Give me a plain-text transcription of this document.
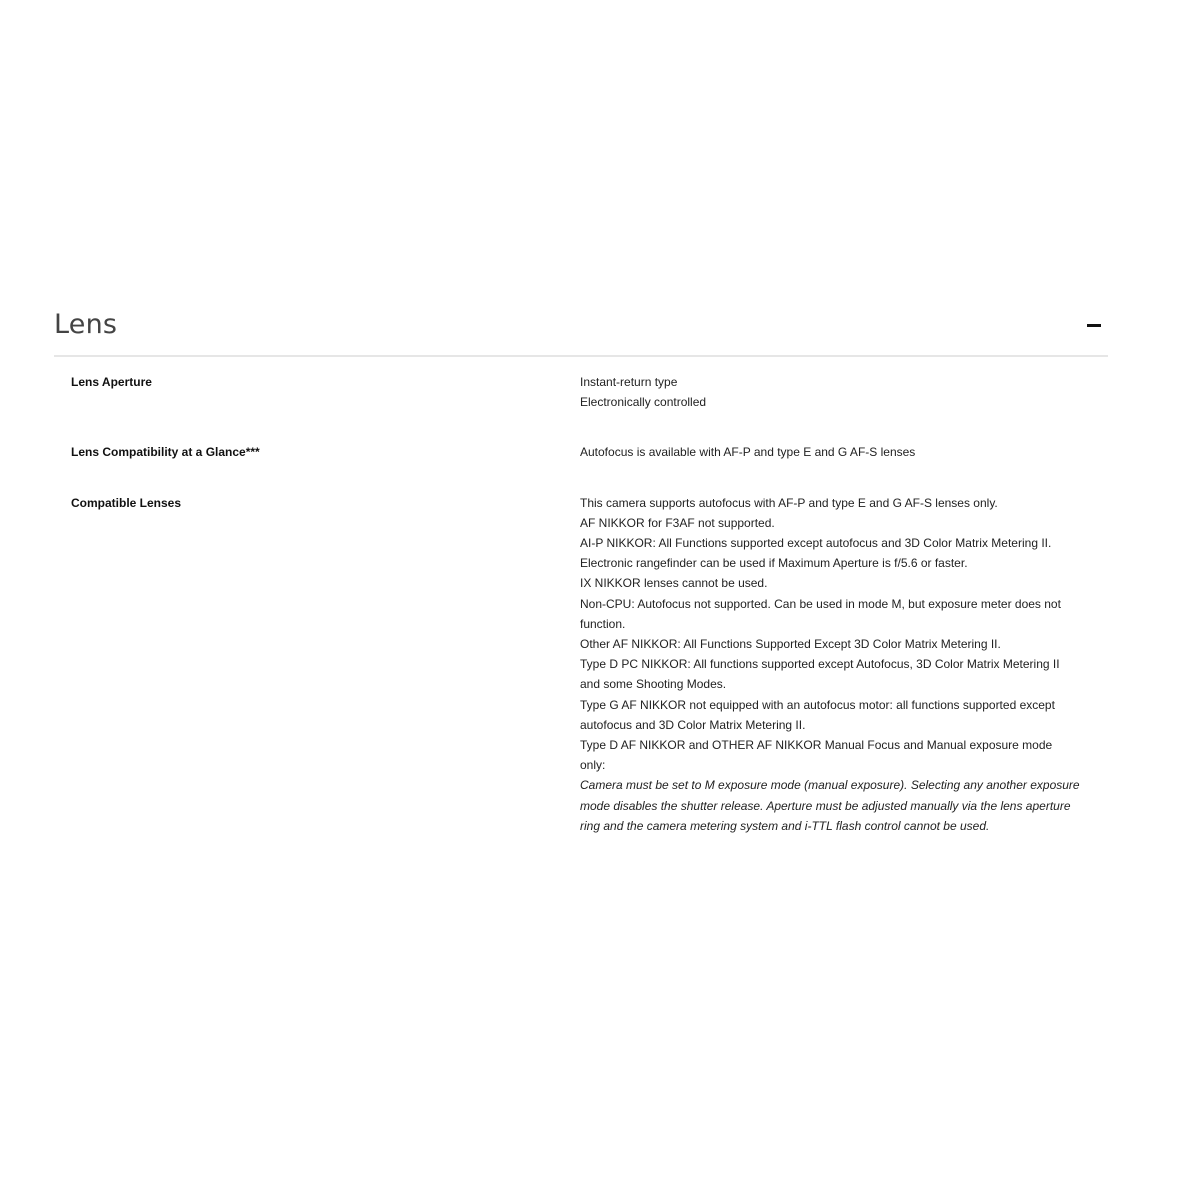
Lens
Lens Aperture	Instant-return type
Electronically controlled
Lens Compatibility at a Glance***	Autofocus is available with AF-P and type E and G AF-S lenses
Compatible Lenses	This camera supports autofocus with AF-P and type E and G AF-S lenses only.
AF NIKKOR for F3AF not supported.
AI-P NIKKOR: All Functions supported except autofocus and 3D Color Matrix Metering II.
Electronic rangefinder can be used if Maximum Aperture is f/5.6 or faster.
IX NIKKOR lenses cannot be used.
Non-CPU: Autofocus not supported. Can be used in mode M, but exposure meter does not function.
Other AF NIKKOR: All Functions Supported Except 3D Color Matrix Metering II.
Type D PC NIKKOR: All functions supported except Autofocus, 3D Color Matrix Metering II and some Shooting Modes.
Type G AF NIKKOR not equipped with an autofocus motor: all functions supported except autofocus and 3D Color Matrix Metering II.
Type D AF NIKKOR and OTHER AF NIKKOR Manual Focus and Manual exposure mode only:
Camera must be set to M exposure mode (manual exposure). Selecting any another exposure mode disables the shutter release. Aperture must be adjusted manually via the lens aperture ring and the camera metering system and i-TTL flash control cannot be used.
